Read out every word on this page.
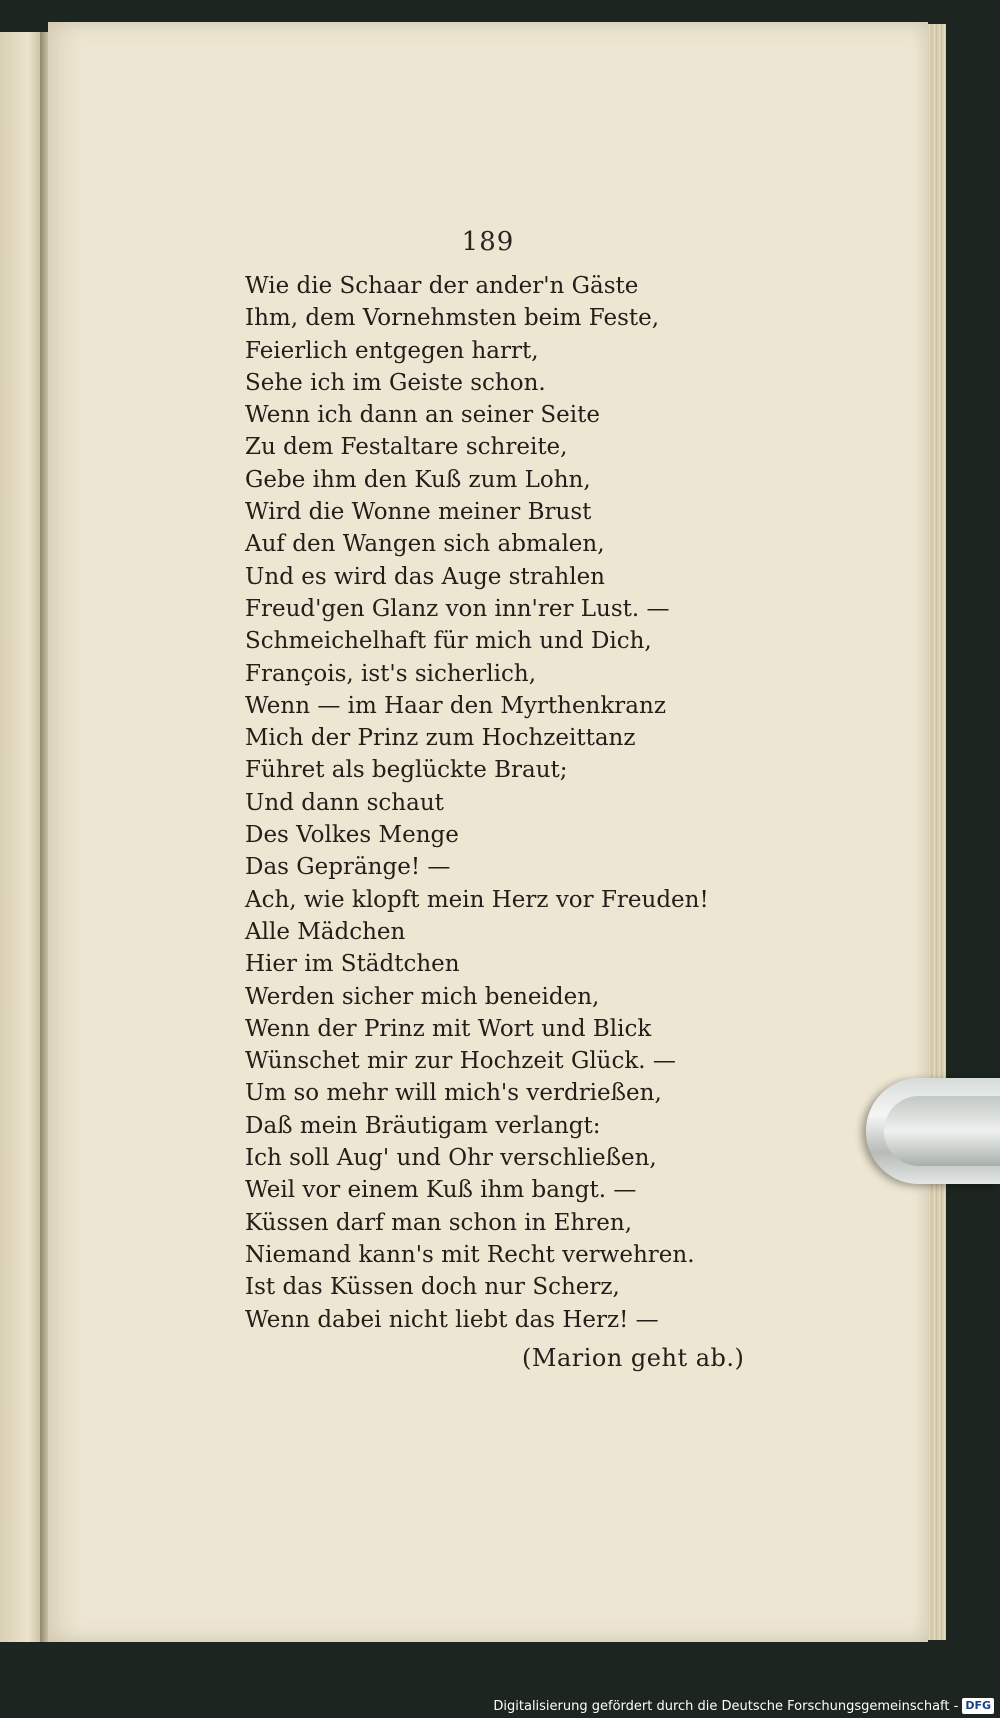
189
Wie die Schaar der ander'n Gäste
Ihm, dem Vornehmsten beim Feste,
Feierlich entgegen harrt,
Sehe ich im Geiste schon.
Wenn ich dann an seiner Seite
Zu dem Festaltare schreite,
Gebe ihm den Kuß zum Lohn,
Wird die Wonne meiner Brust
Auf den Wangen sich abmalen,
Und es wird das Auge strahlen
Freud'gen Glanz von inn'rer Lust. —
Schmeichelhaft für mich und Dich,
François, ist's sicherlich,
Wenn — im Haar den Myrthenkranz
Mich der Prinz zum Hochzeittanz
Führet als beglückte Braut;
Und dann schaut
Des Volkes Menge
Das Gepränge! —
Ach, wie klopft mein Herz vor Freuden!
Alle Mädchen
Hier im Städtchen
Werden sicher mich beneiden,
Wenn der Prinz mit Wort und Blick
Wünschet mir zur Hochzeit Glück. —
Um so mehr will mich's verdrießen,
Daß mein Bräutigam verlangt:
Ich soll Aug' und Ohr verschließen,
Weil vor einem Kuß ihm bangt. —
Küssen darf man schon in Ehren,
Niemand kann's mit Recht verwehren.
Ist das Küssen doch nur Scherz,
Wenn dabei nicht liebt das Herz! —
(Marion geht ab.)
Digitalisierung gefördert durch die Deutsche Forschungsgemeinschaft - DFG
